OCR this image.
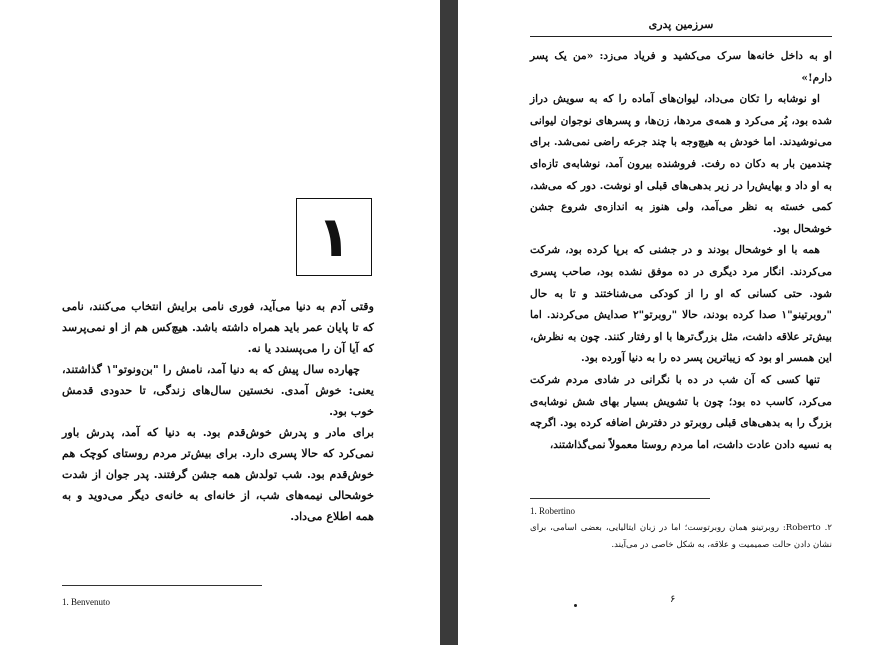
۱

وقتی آدم به دنیا می‌آید، فوری نامی برایش انتخاب می‌کنند، نامی که تا پایان عمر باید همراه داشته باشد. هیچ‌کس هم از او نمی‌پرسد که آیا آن را می‌پسندد یا نه.

چهارده سال پیش که به دنیا آمد، نامش را "بن‌ونوتو"۱ گذاشتند، یعنی: خوش آمدی. نخستین سال‌های زندگی، تا حدودی قدمش خوب بود.

برای مادر و پدرش خوش‌قدم بود. به دنیا که آمد، پدرش باور نمی‌کرد که حالا پسری دارد. برای بیش‌تر مردم روستای کوچک هم خوش‌قدم بود. شب تولدش همه جشن گرفتند. پدر جوان از شدت خوشحالی نیمه‌های شب، از خانه‌ای به خانه‌ی دیگر می‌دوید و به همه اطلاع می‌داد.

1. Benvenuto
سرزمین پدری

او به داخل خانه‌ها سرک می‌کشید و فریاد می‌زد: «من یک پسر دارم!»

او نوشابه را تکان می‌داد، لیوان‌های آماده را که به سویش دراز شده بود، پُر می‌کرد و همه‌ی مردها، زن‌ها، و پسرهای نوجوان لیوانی می‌نوشیدند. اما خودش به هیچ‌وجه با چند جرعه راضی نمی‌شد. برای چندمین بار به دکان ده رفت. فروشنده بیرون آمد، نوشابه‌ی تازه‌ای به او داد و بهایش‌را در زیر بدهی‌های قبلی او نوشت. دور که می‌شد، کمی خسته به نظر می‌آمد، ولی هنوز به اندازه‌ی شروع جشن خوشحال بود.

همه با او خوشحال بودند و در جشنی که برپا کرده بود، شرکت می‌کردند. انگار مرد دیگری در ده موفق نشده بود، صاحب پسری شود. حتی کسانی که او را از کودکی می‌شناختند و تا به حال "روبرتینو"۱ صدا کرده بودند، حالا "روبرتو"۲ صدایش می‌کردند. اما بیش‌تر علاقه داشت، مثل بزرگ‌ترها با او رفتار کنند. چون به نظرش، این همسر او بود که زیباترین پسر ده را به دنیا آورده بود.

تنها کسی که آن شب در ده با نگرانی در شادی مردم شرکت می‌کرد، کاسب ده بود؛ چون با تشویش بسیار بهای شش نوشابه‌ی بزرگ را به بدهی‌های قبلی روبرتو در دفترش اضافه کرده بود. اگرچه به نسیه دادن عادت داشت، اما مردم روستا معمولاً نمی‌گذاشتند،

1. Robertino
۲. Roberto: روبرتینو همان روبرتوست؛ اما در زبان ایتالیایی، بعضی اسامی، برای نشان دادن حالت صمیمیت و علاقه، به شکل خاصی در می‌آیند.
۶
